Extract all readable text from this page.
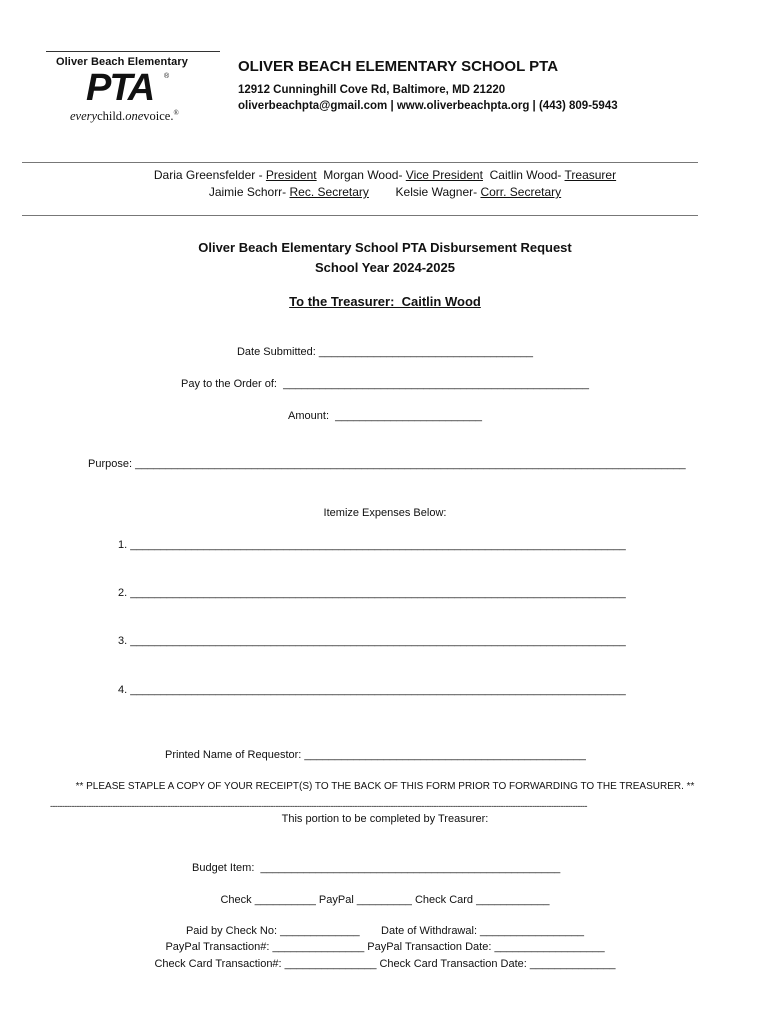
Oliver Beach Elementary
PTA ®
everychild.onevoice.®
OLIVER BEACH ELEMENTARY SCHOOL PTA
12912 Cunninghill Cove Rd, Baltimore, MD 21220
oliverbeachpta@gmail.com | www.oliverbeachpta.org | (443) 809-5943
Daria Greensfelder - President  Morgan Wood- Vice President  Caitlin Wood- Treasurer
Jaimie Schorr- Rec. Secretary        Kelsie Wagner- Corr. Secretary
Oliver Beach Elementary School PTA Disbursement Request
School Year 2024-2025
To the Treasurer:  Caitlin Wood
Date Submitted: ___________________________________
Pay to the Order of:  __________________________________________________
Amount:  ________________________
Purpose: __________________________________________________________________________________________
Itemize Expenses Below:
1. _________________________________________________________________________________
2. _________________________________________________________________________________
3. _________________________________________________________________________________
4. _________________________________________________________________________________
Printed Name of Requestor: ______________________________________________
** PLEASE STAPLE A COPY OF YOUR RECEIPT(S) TO THE BACK OF THIS FORM PRIOR TO FORWARDING TO THE TREASURER. **
--------------------------------------------------------------------------------------------------------------------------------------------------------------------------------------------------------------------------------
This portion to be completed by Treasurer:
Budget Item:  _________________________________________________
Check __________ PayPal _________ Check Card ____________
Paid by Check No: _____________       Date of Withdrawal: _________________
PayPal Transaction#: _______________ PayPal Transaction Date: __________________
Check Card Transaction#: _______________ Check Card Transaction Date: ______________
